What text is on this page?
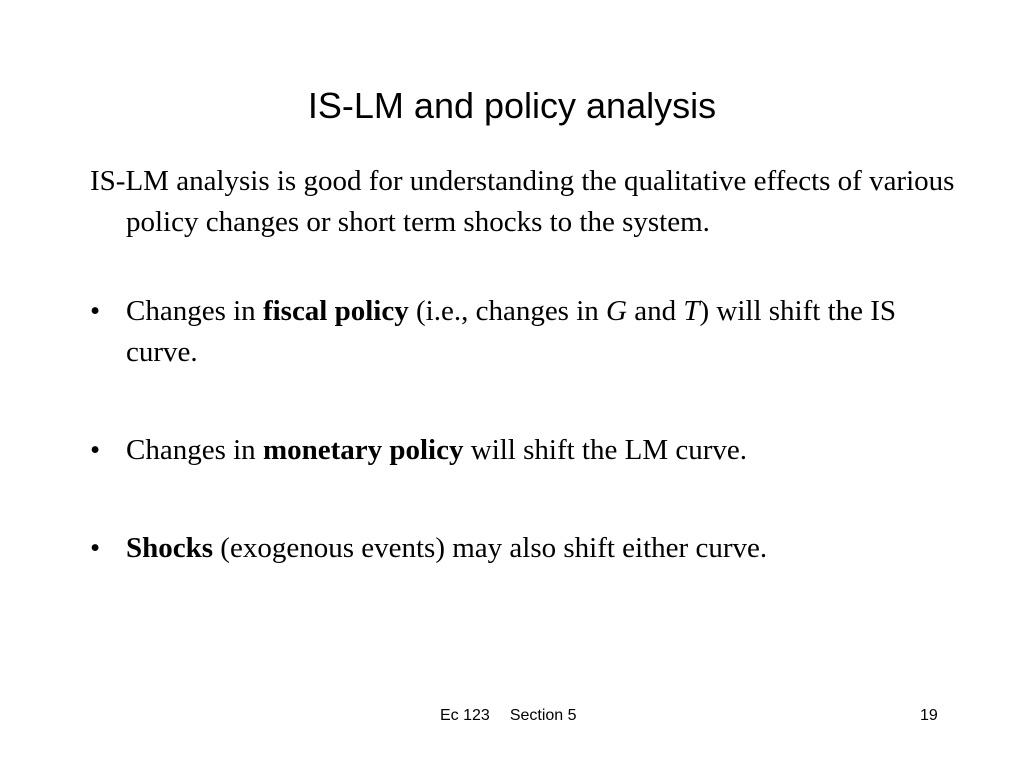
IS-LM and policy analysis
IS-LM analysis is good for understanding the qualitative effects of various policy changes or short term shocks to the system.
• Changes in fiscal policy (i.e., changes in G and T) will shift the IS curve.
• Changes in monetary policy will shift the LM curve.
• Shocks (exogenous events) may also shift either curve.
Ec 123 Section 5	19
